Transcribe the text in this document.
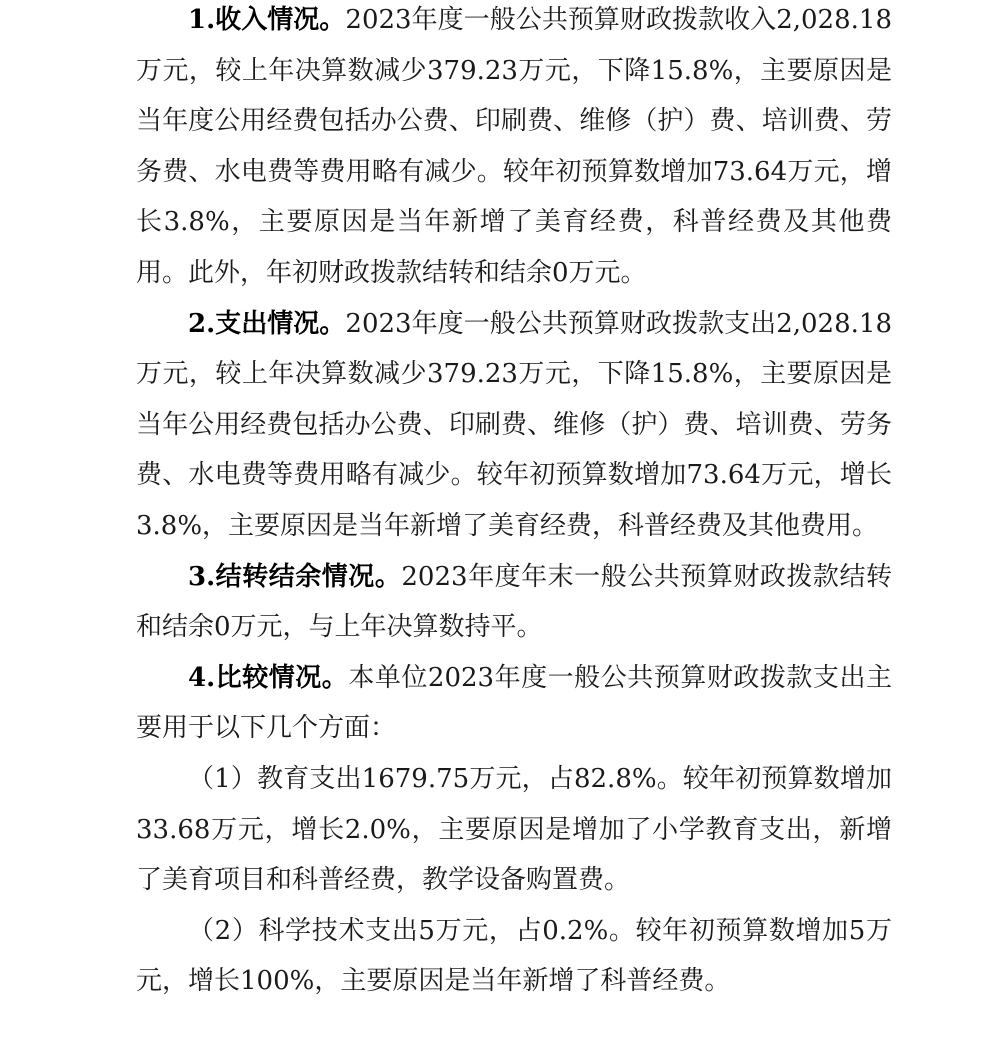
1.收入情况。2023年度一般公共预算财政拨款收入2,028.18万元，较上年决算数减少379.23万元，下降15.8%，主要原因是当年度公用经费包括办公费、印刷费、维修（护）费、培训费、劳务费、水电费等费用略有减少。较年初预算数增加73.64万元，增长3.8%，主要原因是当年新增了美育经费，科普经费及其他费用。此外，年初财政拨款结转和结余0万元。

2.支出情况。2023年度一般公共预算财政拨款支出2,028.18万元，较上年决算数减少379.23万元，下降15.8%，主要原因是当年公用经费包括办公费、印刷费、维修（护）费、培训费、劳务费、水电费等费用略有减少。较年初预算数增加73.64万元，增长3.8%，主要原因是当年新增了美育经费，科普经费及其他费用。

3.结转结余情况。2023年度年末一般公共预算财政拨款结转和结余0万元，与上年决算数持平。

4.比较情况。本单位2023年度一般公共预算财政拨款支出主要用于以下几个方面：

（1）教育支出1679.75万元，占82.8%。较年初预算数增加33.68万元，增长2.0%，主要原因是增加了小学教育支出，新增了美育项目和科普经费，教学设备购置费。

（2）科学技术支出5万元，占0.2%。较年初预算数增加5万元，增长100%，主要原因是当年新增了科普经费。
